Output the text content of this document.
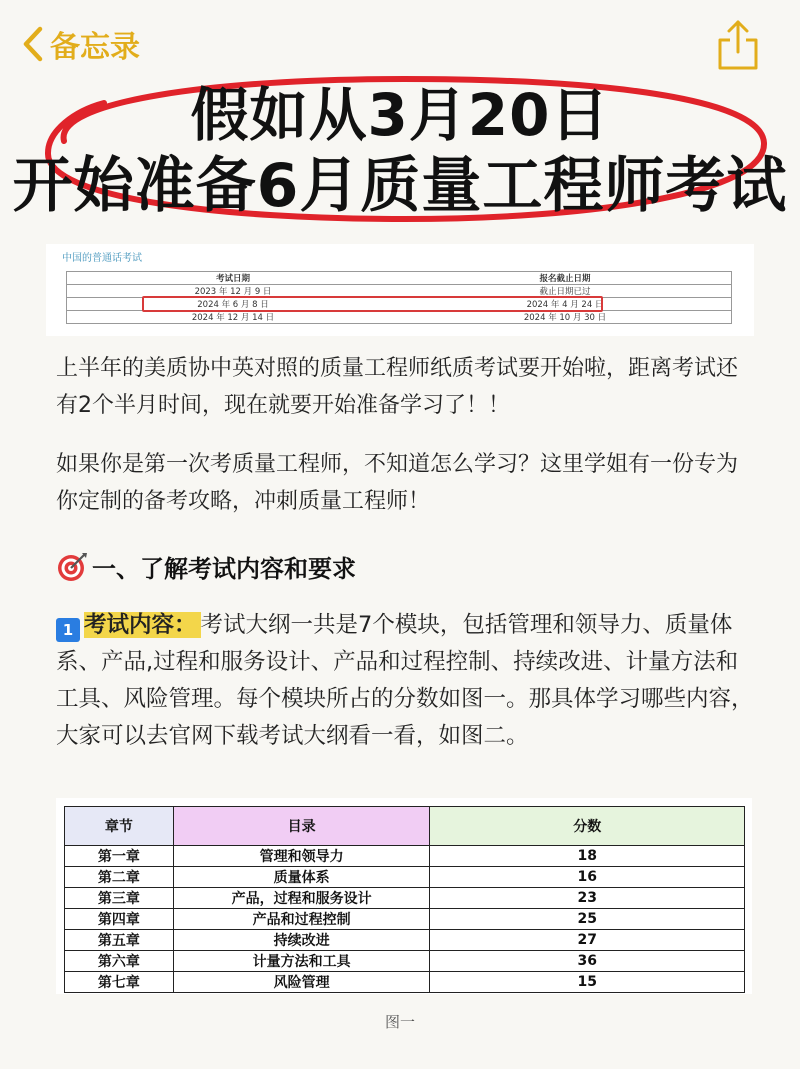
备忘录
假如从3月20日
开始准备6月质量工程师考试
中国的普通话考试
考试日期	报名截止日期
2023 年 12 月 9 日	截止日期已过
2024 年 6 月 8 日	2024 年 4 月 24 日
2024 年 12 月 14 日	2024 年 10 月 30 日
上半年的美质协中英对照的质量工程师纸质考试要开始啦，距离考试还有2个半月时间，现在就要开始准备学习了！！
如果你是第一次考质量工程师，不知道怎么学习？这里学姐有一份专为你定制的备考攻略，冲刺质量工程师！
一、了解考试内容和要求
1 考试内容： 考试大纲一共是7个模块，包括管理和领导力、质量体系、产品,过程和服务设计、产品和过程控制、持续改进、计量方法和工具、风险管理。每个模块所占的分数如图一。那具体学习哪些内容，大家可以去官网下载考试大纲看一看，如图二。
章节	目录	分数
第一章	管理和领导力	18
第二章	质量体系	16
第三章	产品，过程和服务设计	23
第四章	产品和过程控制	25
第五章	持续改进	27
第六章	计量方法和工具	36
第七章	风险管理	15
图一
